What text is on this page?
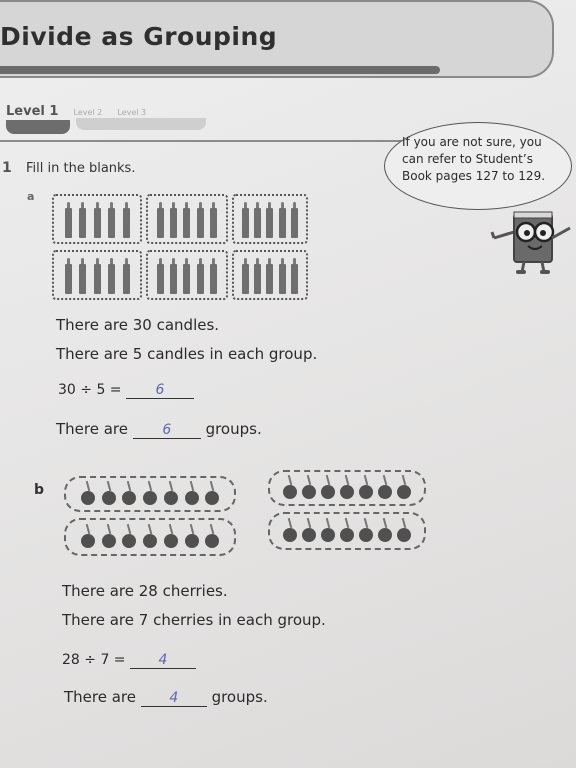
Divide as Grouping
Level 1 Level 2 Level 3
1 Fill in the blanks.
If you are not sure, you
can refer to Student’s
Book pages 127 to 129.
a
There are 30 candles.
There are 5 candles in each group.
30 ÷ 5 = 6
There are 6 groups.
b
There are 28 cherries.
There are 7 cherries in each group.
28 ÷ 7 = 4
There are 4 groups.
